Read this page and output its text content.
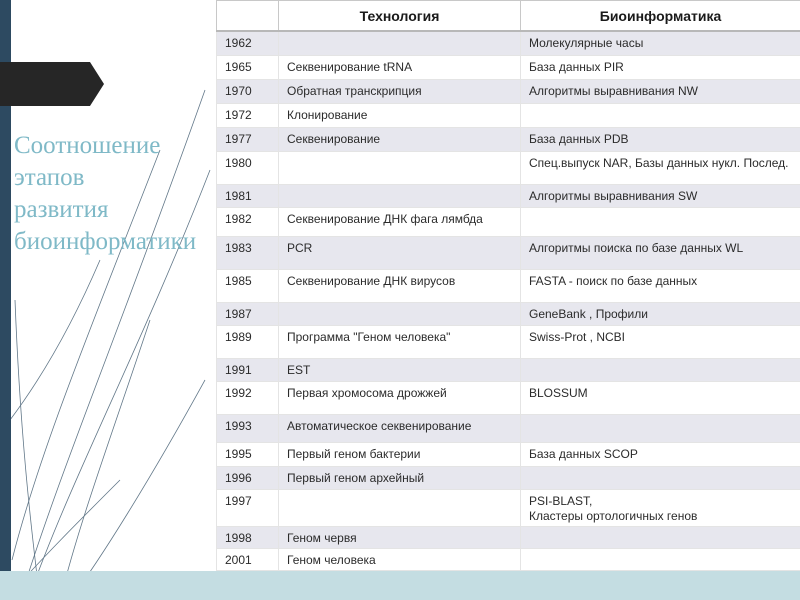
Соотношение
этапов
развития
биоинформатики
	Технология	Биоинформатика
1962		Молекулярные часы
1965	Секвенирование tRNA	База данных PIR
1970	Обратная транскрипция	Алгоритмы выравнивания NW
1972	Клонирование	
1977	Секвенирование	База данных PDB
1980		Спец.выпуск NAR, Базы данных нукл. Послед.
1981		Алгоритмы выравнивания SW
1982	Секвенирование ДНК фага лямбда	
1983	PCR	Алгоритмы поиска по базе данных WL
1985	Секвенирование ДНК вирусов	FASTA - поиск по базе данных
1987		GeneBank , Профили
1989	Программа "Геном человека"	Swiss-Prot , NCBI
1991	EST	
1992	Первая хромосома дрожжей	BLOSSUM
1993	Автоматическое секвенирование	
1995	Первый геном бактерии	База данных SCOP
1996	Первый геном архейный	
1997		PSI-BLAST,
Кластеры ортологичных генов
1998	Геном червя	
2001	Геном человека	
